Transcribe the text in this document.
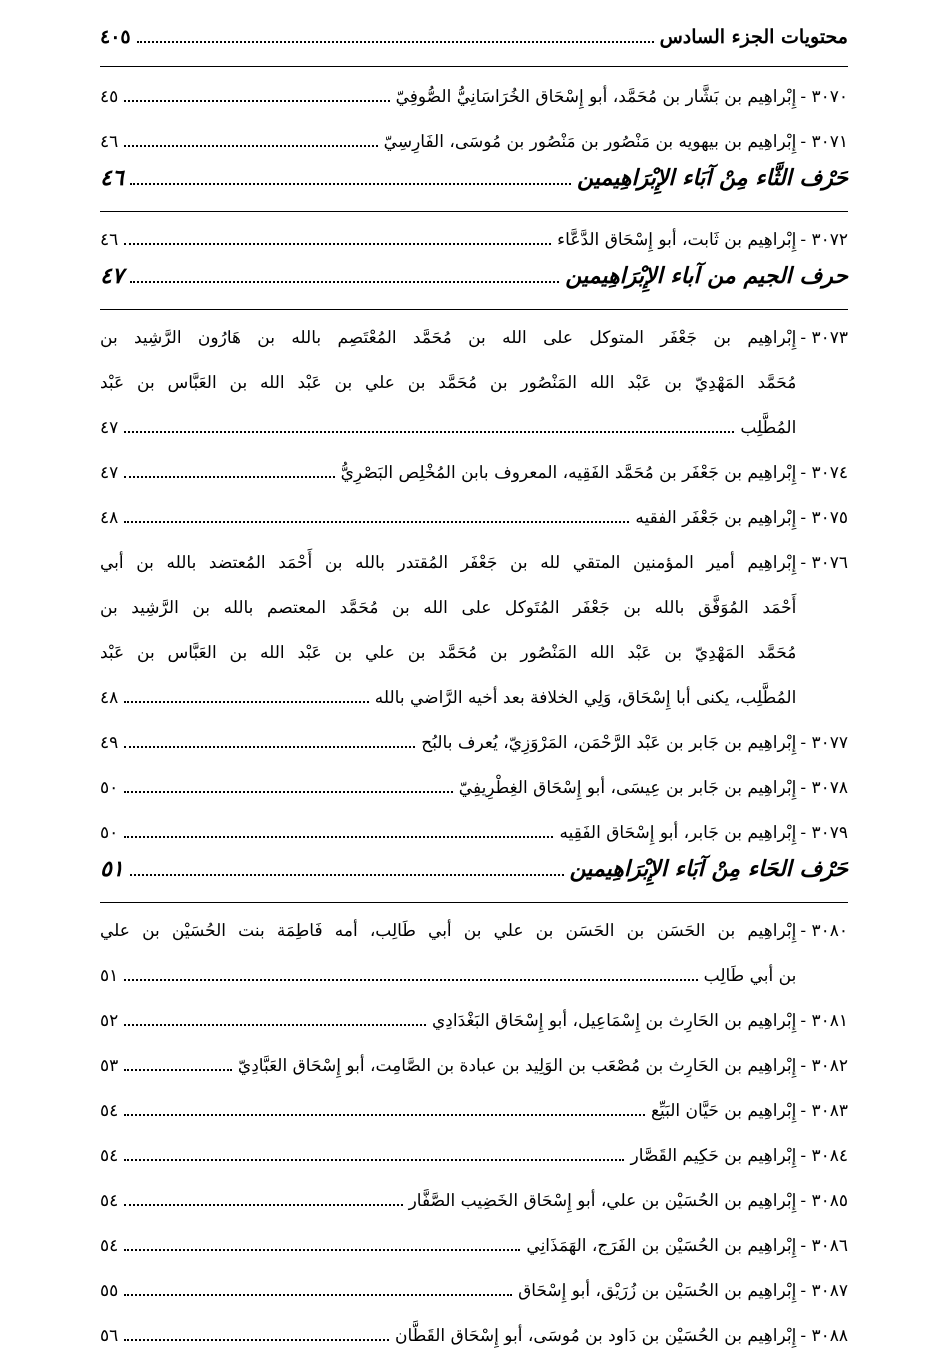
محتويات الجزء السادس
٤٠٥
٣٠٧٠ -
إِبْراهِيم بن بَشَّار بن مُحَمَّد، أبو إِسْحَاق الخُرَاسَانِيُّ الصُّوفِيّ
٤٥
٣٠٧١ -
إِبْراهِيم بن بيهويه بن مَنْصُور بن مَنْصُور بن مُوسَى، الفَارِسِيّ
٤٦
حَرْف الثَّاء مِنْ آبَاء الإِبْرَاهِيمين
٤٦
٣٠٧٢ -
إِبْراهِيم بن ثَابت، أبو إِسْحَاق الدَّعَّاء
٤٦
حرف الجيم من آباء الإِبْرَاهِيمين
٤٧
٣٠٧٣ -
إِبْراهِيم بن جَعْفَر المتوكل على الله بن مُحَمَّد المُعْتَصِم بالله بن هَارُون الرَّشِيد بن
مُحَمَّد المَهْدِيّ بن عَبْد الله المَنْصُور بن مُحَمَّد بن علي بن عَبْد الله بن العَبَّاس بن عَبْد
المُطَّلِب
٤٧
٣٠٧٤ -
إِبْراهِيم بن جَعْفَر بن مُحَمَّد الفَقِيه، المعروف بابن المُخْلِص البَصْرِيُّ
٤٧
٣٠٧٥ -
إِبْراهِيم بن جَعْفَر الفقيه
٤٨
٣٠٧٦ -
إِبْراهِيم أمير المؤمنين المتقي لله بن جَعْفَر المُقتدر بالله بن أَحْمَد المُعتضد بالله بن أبي
أَحْمَد المُوَفَّق بالله بن جَعْفَر المُتَوكل على الله بن مُحَمَّد المعتصم بالله بن الرَّشِيد بن
مُحَمَّد المَهْدِيّ بن عَبْد الله المَنْصُور بن مُحَمَّد بن علي بن عَبْد الله بن العَبَّاس بن عَبْد
المُطَّلِب، يكنى أبا إِسْحَاق، وَلِي الخلافة بعد أخيه الرَّاضي بالله
٤٨
٣٠٧٧ -
إِبْراهِيم بن جَابر بن عَبْد الرَّحْمَن، المَرْوَزِيّ، يُعرف بالبُح
٤٩
٣٠٧٨ -
إِبْراهِيم بن جَابر بن عِيسَى، أبو إِسْحَاق الغِطْرِيفِيّ
٥٠
٣٠٧٩ -
إِبْراهِيم بن جَابر، أبو إِسْحَاق الفَقِيه
٥٠
حَرْف الحَاء مِنْ آبَاء الإِبْرَاهِيمين
٥١
٣٠٨٠ -
إِبْراهِيم بن الحَسَن بن الحَسَن بن علي بن أبي طَالِب، أمه فَاطِمَة بنت الحُسَيْن بن علي
بن أبي طَالِب
٥١
٣٠٨١ -
إِبْراهِيم بن الحَارِث بن إِسْمَاعِيل، أبو إِسْحَاق البَغْدَادِي
٥٢
٣٠٨٢ -
إِبْراهِيم بن الحَارِث بن مُصْعَب بن الوَلِيد بن عبادة بن الصَّامِت، أبو إِسْحَاق العَبَّادِيّ
٥٣
٣٠٨٣ -
إِبْراهِيم بن حَيَّان البَيِّع
٥٤
٣٠٨٤ -
إِبْراهِيم بن حَكِيم القَصَّار
٥٤
٣٠٨٥ -
إِبْراهِيم بن الحُسَيْن بن علي، أبو إِسْحَاق الخَضِيب الصَّفَّار
٥٤
٣٠٨٦ -
إِبْراهِيم بن الحُسَيْن بن الفَرَج، الهَمَذَانِي
٥٤
٣٠٨٧ -
إِبْراهِيم بن الحُسَيْن بن زُرَيْق، أبو إِسْحَاق
٥٥
٣٠٨٨ -
إِبْراهِيم بن الحُسَيْن بن دَاود بن مُوسَى، أبو إِسْحَاق القَطَّان
٥٦
